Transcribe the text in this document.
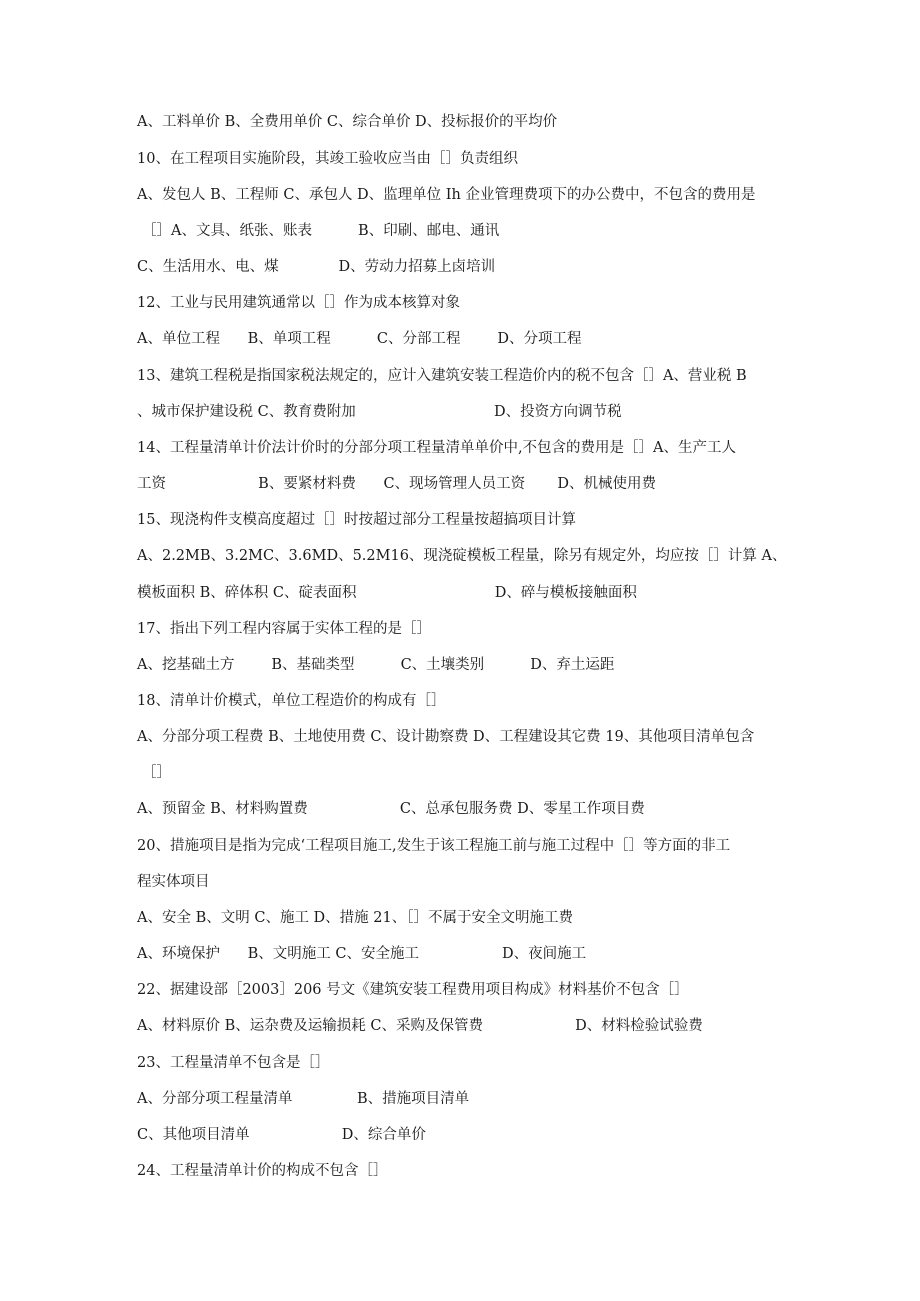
A、工料单价 B、全费用单价 C、综合单价 D、投标报价的平均价
10、在工程项目实施阶段，其竣工验收应当由［］负责组织
A、发包人 B、工程师 C、承包人 D、监理单位 Ih 企业管理费项下的办公费中，不包含的费用是
［］A、文具、纸张、账表          B、印刷、邮电、通讯
C、生活用水、电、煤             D、劳动力招募上卤培训
12、工业与民用建筑通常以［］作为成本核算对象
A、单位工程      B、单项工程          C、分部工程        D、分项工程
13、建筑工程税是指国家税法规定的，应计入建筑安装工程造价内的税不包含［］A、营业税 B
、城市保护建设税 C、教育费附加                              D、投资方向调节税
14、工程量清单计价法计价时的分部分项工程量清单单价中,不包含的费用是［］A、生产工人
工资                    B、要紧材料费      C、现场管理人员工资       D、机械使用费
15、现浇构件支模高度超过［］时按超过部分工程量按超搞项目计算
A、2.2MB、3.2MC、3.6MD、5.2M16、现浇碇模板工程量，除另有规定外，均应按［］计算 A、
模板面积 B、碎体积 C、碇表面积                              D、碎与模板接触面积
17、指出下列工程内容属于实体工程的是［］
A、挖基础土方        B、基础类型          C、土壤类别          D、弃土运距
18、清单计价模式，单位工程造价的构成有［］
A、分部分项工程费 B、土地使用费 C、设计勘察费 D、工程建设其它费 19、其他项目清单包含
［］
A、预留金 B、材料购置费                    C、总承包服务费 D、零星工作项目费
20、措施项目是指为完成‘工程项目施工,发生于该工程施工前与施工过程中［］等方面的非工
程实体项目
A、安全 B、文明 C、施工 D、措施 21、［］不属于安全文明施工费
A、环境保护      B、文明施工 C、安全施工                  D、夜间施工
22、据建设部［2003］206 号文《建筑安装工程费用项目构成》材料基价不包含［］
A、材料原价 B、运杂费及运输损耗 C、采购及保管费                    D、材料检验试验费
23、工程量清单不包含是［］
A、分部分项工程量清单              B、措施项目清单
C、其他项目清单                    D、综合单价
24、工程量清单计价的构成不包含［］
